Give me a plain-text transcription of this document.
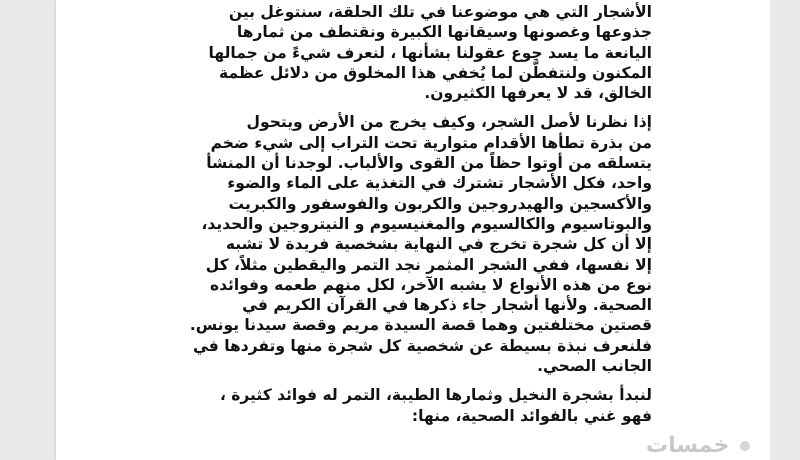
الأشجار التي هي موضوعنا في تلك الحلقة، سنتوغل بين
جذوعها وغصونها وسيقانها الكبيرة ونقتطف من ثمارها
اليانعة ما يسد جوع عقولنا بشأنها ، لنعرف شيءً من جمالها
المكنون ولنتفطَّن لما يُخفي هذا المخلوق من دلائل عظمة
الخالق، قد لا يعرفها الكثيرون.

إذا نظرنا لأصل الشجر، وكيف يخرج من الأرض ويتحول
من بذرة تطأها الأقدام متوارية تحت التراب إلى شيء ضخم
يتسلقه من أوتوا حظاً من القوى والألباب. لوجدنا أن المنشأ
واحد، فكل الأشجار تشترك في التغذية على الماء والضوء
والأكسجين والهيدروجين والكربون والفوسفور والكبريت
والبوتاسيوم والكالسيوم والمغنيسيوم و النيتروجين والحديد،
إلا أن كل شجرة تخرج في النهاية بشخصية فريدة لا تشبه
إلا نفسها، ففي الشجر المثمر نجد التمر واليقطين مثلاً، كل
نوع من هذه الأنواع لا يشبه الآخر، لكل منهم طعمه وفوائده
الصحية. ولأنها أشجار جاء ذكرها في القرآن الكريم في
قصتين مختلفتين وهما قصة السيدة مريم وقصة سيدنا يونس.
فلنعرف نبذة بسيطة عن شخصية كل شجرة منها وتفردها في
الجانب الصحي.

لنبدأ بشجرة النخيل وثمارها الطيبة، التمر له فوائد كثيرة ،
فهو غني بالفوائد الصحية، منها:

خمسات
